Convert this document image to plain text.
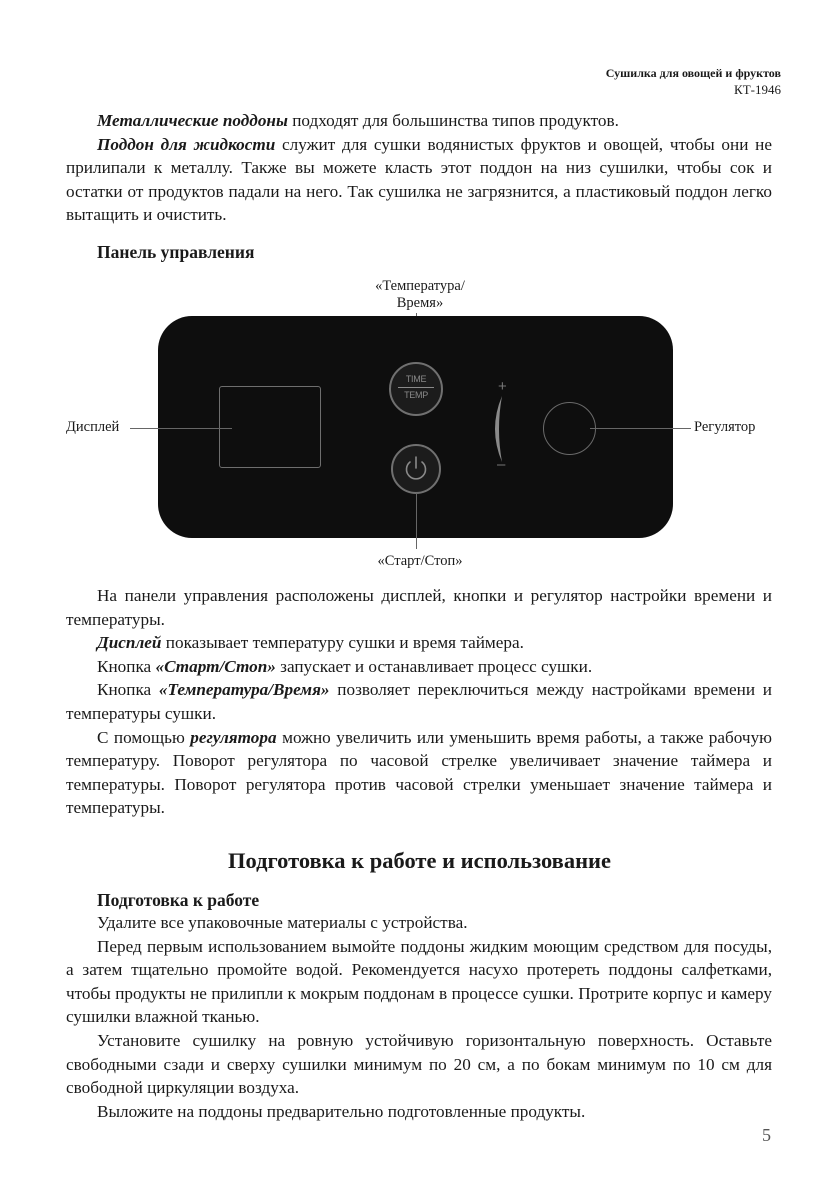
Сушилка для овощей и фруктов
КТ-1946

Металлические поддоны подходят для большинства типов продуктов.

Поддон для жидкости служит для сушки водянистых фруктов и овощей, чтобы они не прилипали к металлу. Также вы можете класть этот поддон на низ сушилки, чтобы сок и остатки от продуктов падали на него. Так сушилка не загрязнится, а пластиковый поддон легко вытащить и очистить.

Панель управления
«Температура/
Время»
TIME
TEMP	+
–
Дисплей	Регулятор
«Старт/Стоп»

На панели управления расположены дисплей, кнопки и регулятор настройки времени и температуры.

Дисплей показывает температуру сушки и время таймера.

Кнопка «Старт/Стоп» запускает и останавливает процесс сушки.

Кнопка «Температура/Время» позволяет переключиться между настройками времени и температуры сушки.

С помощью регулятора можно увеличить или уменьшить время работы, а также рабочую температуру. Поворот регулятора по часовой стрелке увеличивает значение таймера и температуры. Поворот регулятора против часовой стрелки уменьшает значение таймера и температуры.

Подготовка к работе и использование
Подготовка к работе

Удалите все упаковочные материалы с устройства.

Перед первым использованием вымойте поддоны жидким моющим средством для посуды, а затем тщательно промойте водой. Рекомендуется насухо протереть поддоны салфетками, чтобы продукты не прилипли к мокрым поддонам в процессе сушки. Протрите корпус и камеру сушилки влажной тканью.

Установите сушилку на ровную устойчивую горизонтальную поверхность. Оставьте свободными сзади и сверху сушилки минимум по 20 см, а по бокам минимум по 10 см для свободной циркуляции воздуха.

Выложите на поддоны предварительно подготовленные продукты.

5
